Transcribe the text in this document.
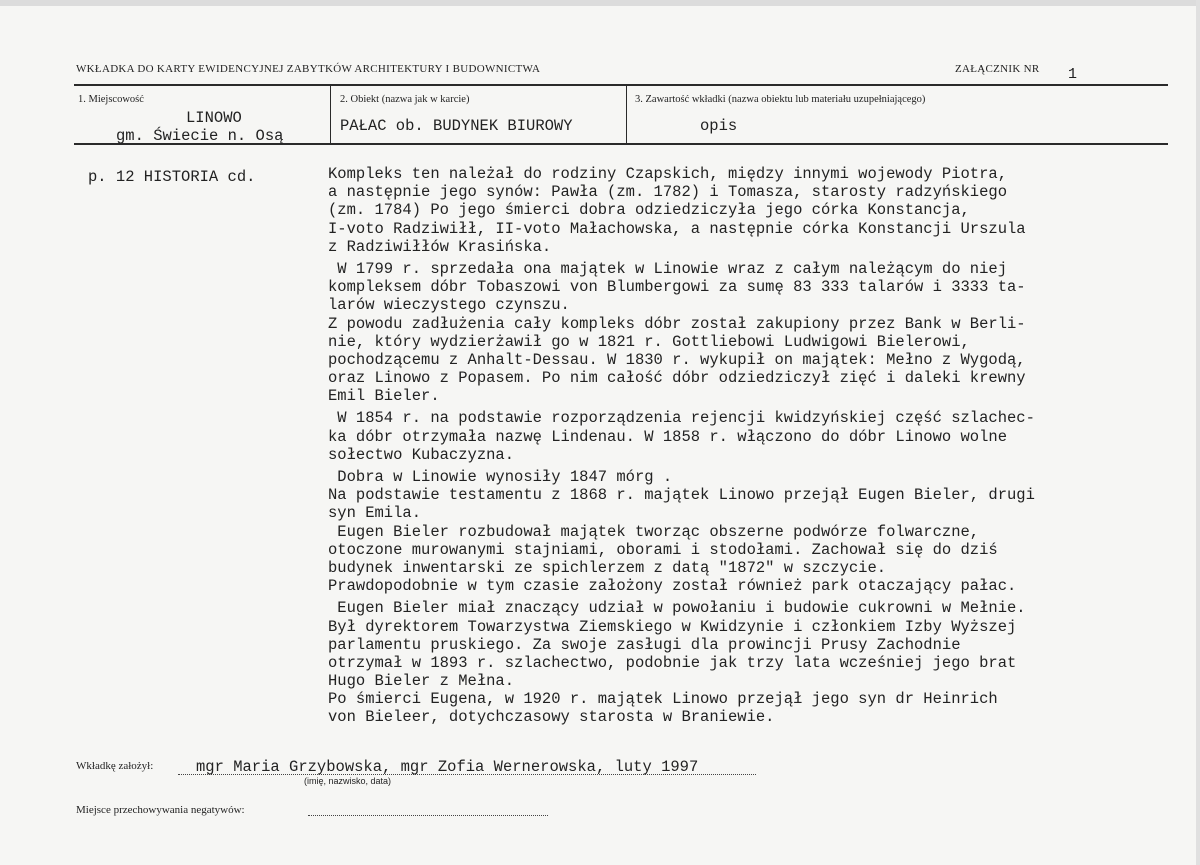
WKŁADKA DO KARTY EWIDENCYJNEJ ZABYTKÓW ARCHITEKTURY I BUDOWNICTWA	ZAŁĄCZNIK NR 1
1. Miejscowość
LINOWO
gm. Świecie n. Osą
2. Obiekt (nazwa jak w karcie)
PAŁAC ob. BUDYNEK BIUROWY
3. Zawartość wkładki (nazwa obiektu lub materiału uzupełniającego)
opis
p. 12 HISTORIA cd.	Kompleks ten należał do rodziny Czapskich, między innymi wojewody Piotra,
a następnie jego synów: Pawła (zm. 1782) i Tomasza, starosty radzyńskiego
(zm. 1784) Po jego śmierci dobra odziedziczyła jego córka Konstancja,
I-voto Radziwiłł, II-voto Małachowska, a następnie córka Konstancji Urszula
z Radziwiłłów Krasińska.
W 1799 r. sprzedała ona majątek w Linowie wraz z całym należącym do niej
kompleksem dóbr Tobaszowi von Blumbergowi za sumę 83 333 talarów i 3333 ta-
larów wieczystego czynszu.
Z powodu zadłużenia cały kompleks dóbr został zakupiony przez Bank w Berli-
nie, który wydzierżawił go w 1821 r. Gottliebowi Ludwigowi Bielerowi,
pochodzącemu z Anhalt-Dessau. W 1830 r. wykupił on majątek: Mełno z Wygodą,
oraz Linowo z Popasem. Po nim całość dóbr odziedziczył zięć i daleki krewny
Emil Bieler.
W 1854 r. na podstawie rozporządzenia rejencji kwidzyńskiej część szlachec-
ka dóbr otrzymała nazwę Lindenau. W 1858 r. włączono do dóbr Linowo wolne
sołectwo Kubaczyzna.
Dobra w Linowie wynosiły 1847 mórg .
Na podstawie testamentu z 1868 r. majątek Linowo przejął Eugen Bieler, drugi
syn Emila.
Eugen Bieler rozbudował majątek tworząc obszerne podwórze folwarczne,
otoczone murowanymi stajniami, oborami i stodołami. Zachował się do dziś
budynek inwentarski ze spichlerzem z datą "1872" w szczycie.
Prawdopodobnie w tym czasie założony został również park otaczający pałac.
Eugen Bieler miał znaczący udział w powołaniu i budowie cukrowni w Mełnie.
Był dyrektorem Towarzystwa Ziemskiego w Kwidzynie i członkiem Izby Wyższej
parlamentu pruskiego. Za swoje zasługi dla prowincji Prusy Zachodnie
otrzymał w 1893 r. szlachectwo, podobnie jak trzy lata wcześniej jego brat
Hugo Bieler z Mełna.
Po śmierci Eugena, w 1920 r. majątek Linowo przejął jego syn dr Heinrich
von Bieleer, dotychczasowy starosta w Braniewie.
Wkładkę założył:	mgr Maria Grzybowska, mgr Zofia Wernerowska, luty 1997
(imię, nazwisko, data)
Miejsce przechowywania negatywów:
